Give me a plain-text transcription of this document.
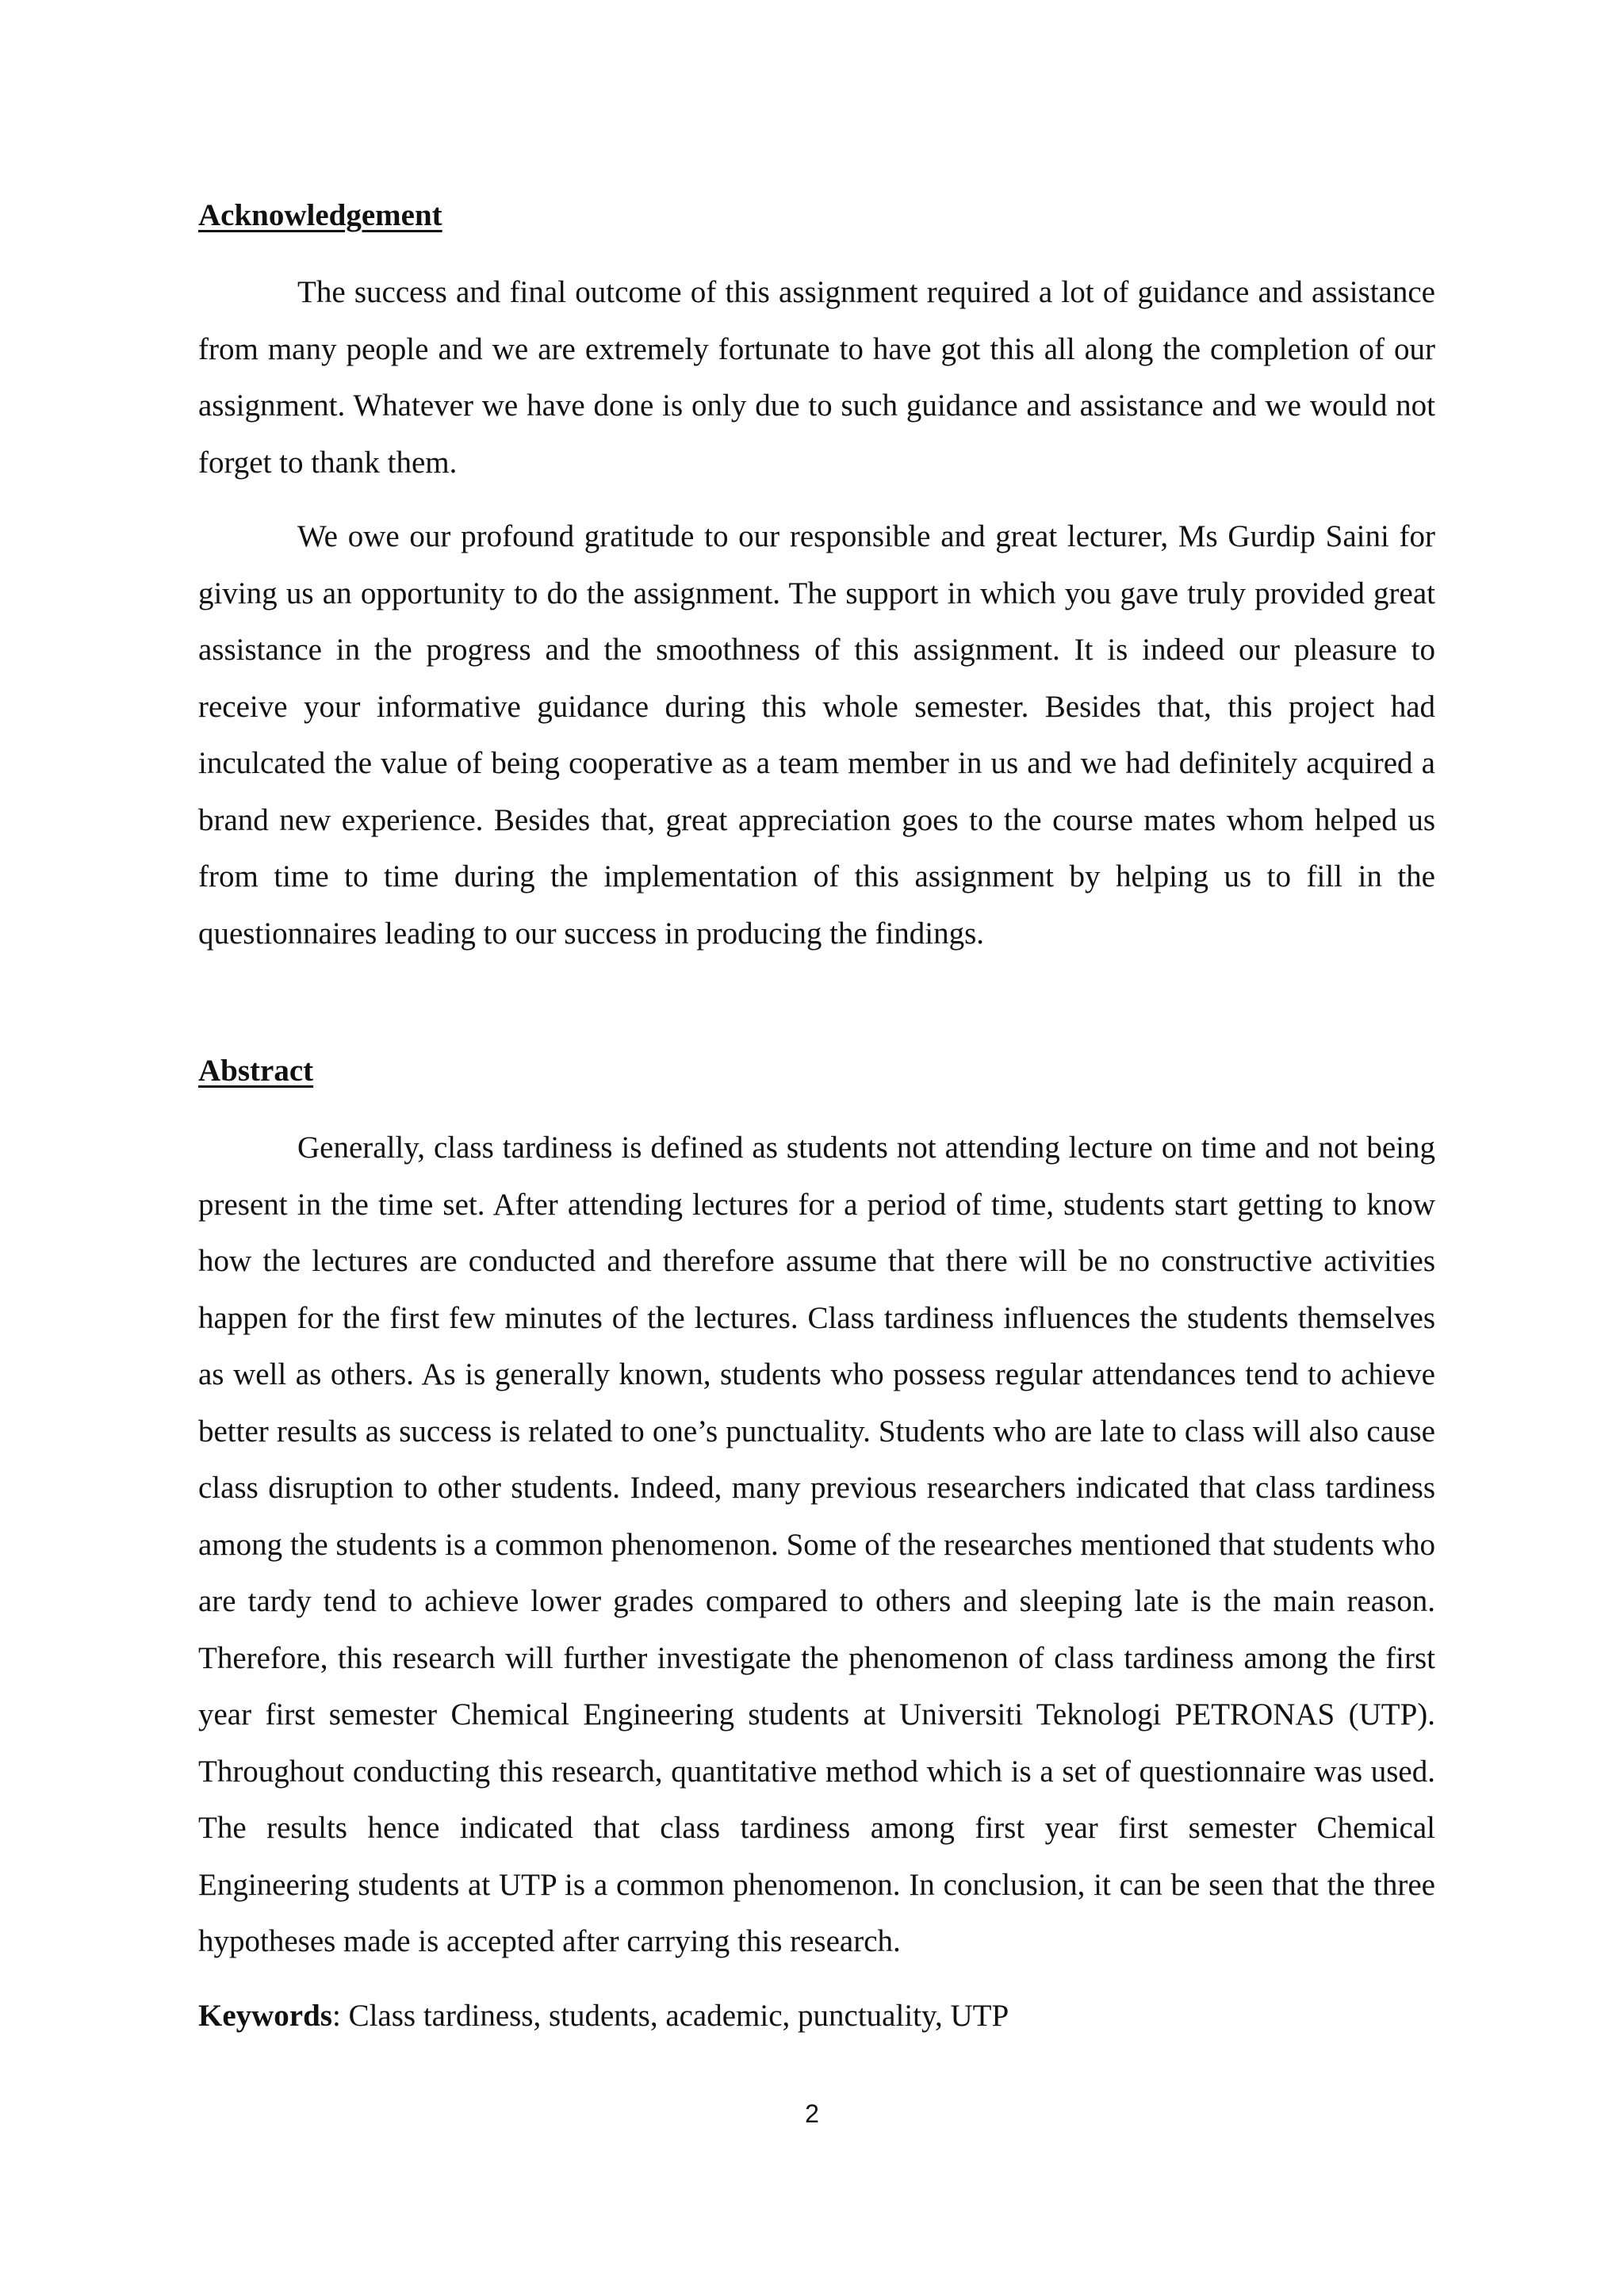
Acknowledgement

The success and final outcome of this assignment required a lot of guidance and assistance from many people and we are extremely fortunate to have got this all along the completion of our assignment. Whatever we have done is only due to such guidance and assistance and we would not forget to thank them.

We owe our profound gratitude to our responsible and great lecturer, Ms Gurdip Saini for giving us an opportunity to do the assignment. The support in which you gave truly provided great assistance in the progress and the smoothness of this assignment. It is indeed our pleasure to receive your informative guidance during this whole semester. Besides that, this project had inculcated the value of being cooperative as a team member in us and we had definitely acquired a brand new experience. Besides that, great appreciation goes to the course mates whom helped us from time to time during the implementation of this assignment by helping us to fill in the questionnaires leading to our success in producing the findings.

Abstract

Generally, class tardiness is defined as students not attending lecture on time and not being present in the time set. After attending lectures for a period of time, students start getting to know how the lectures are conducted and therefore assume that there will be no constructive activities happen for the first few minutes of the lectures. Class tardiness influences the students themselves as well as others. As is generally known, students who possess regular attendances tend to achieve better results as success is related to one’s punctuality. Students who are late to class will also cause class disruption to other students. Indeed, many previous researchers indicated that class tardiness among the students is a common phenomenon. Some of the researches mentioned that students who are tardy tend to achieve lower grades compared to others and sleeping late is the main reason. Therefore, this research will further investigate the phenomenon of class tardiness among the first year first semester Chemical Engineering students at Universiti Teknologi PETRONAS (UTP). Throughout conducting this research, quantitative method which is a set of questionnaire was used. The results hence indicated that class tardiness among first year first semester Chemical Engineering students at UTP is a common phenomenon. In conclusion, it can be seen that the three hypotheses made is accepted after carrying this research.

Keywords: Class tardiness, students, academic, punctuality, UTP

2
